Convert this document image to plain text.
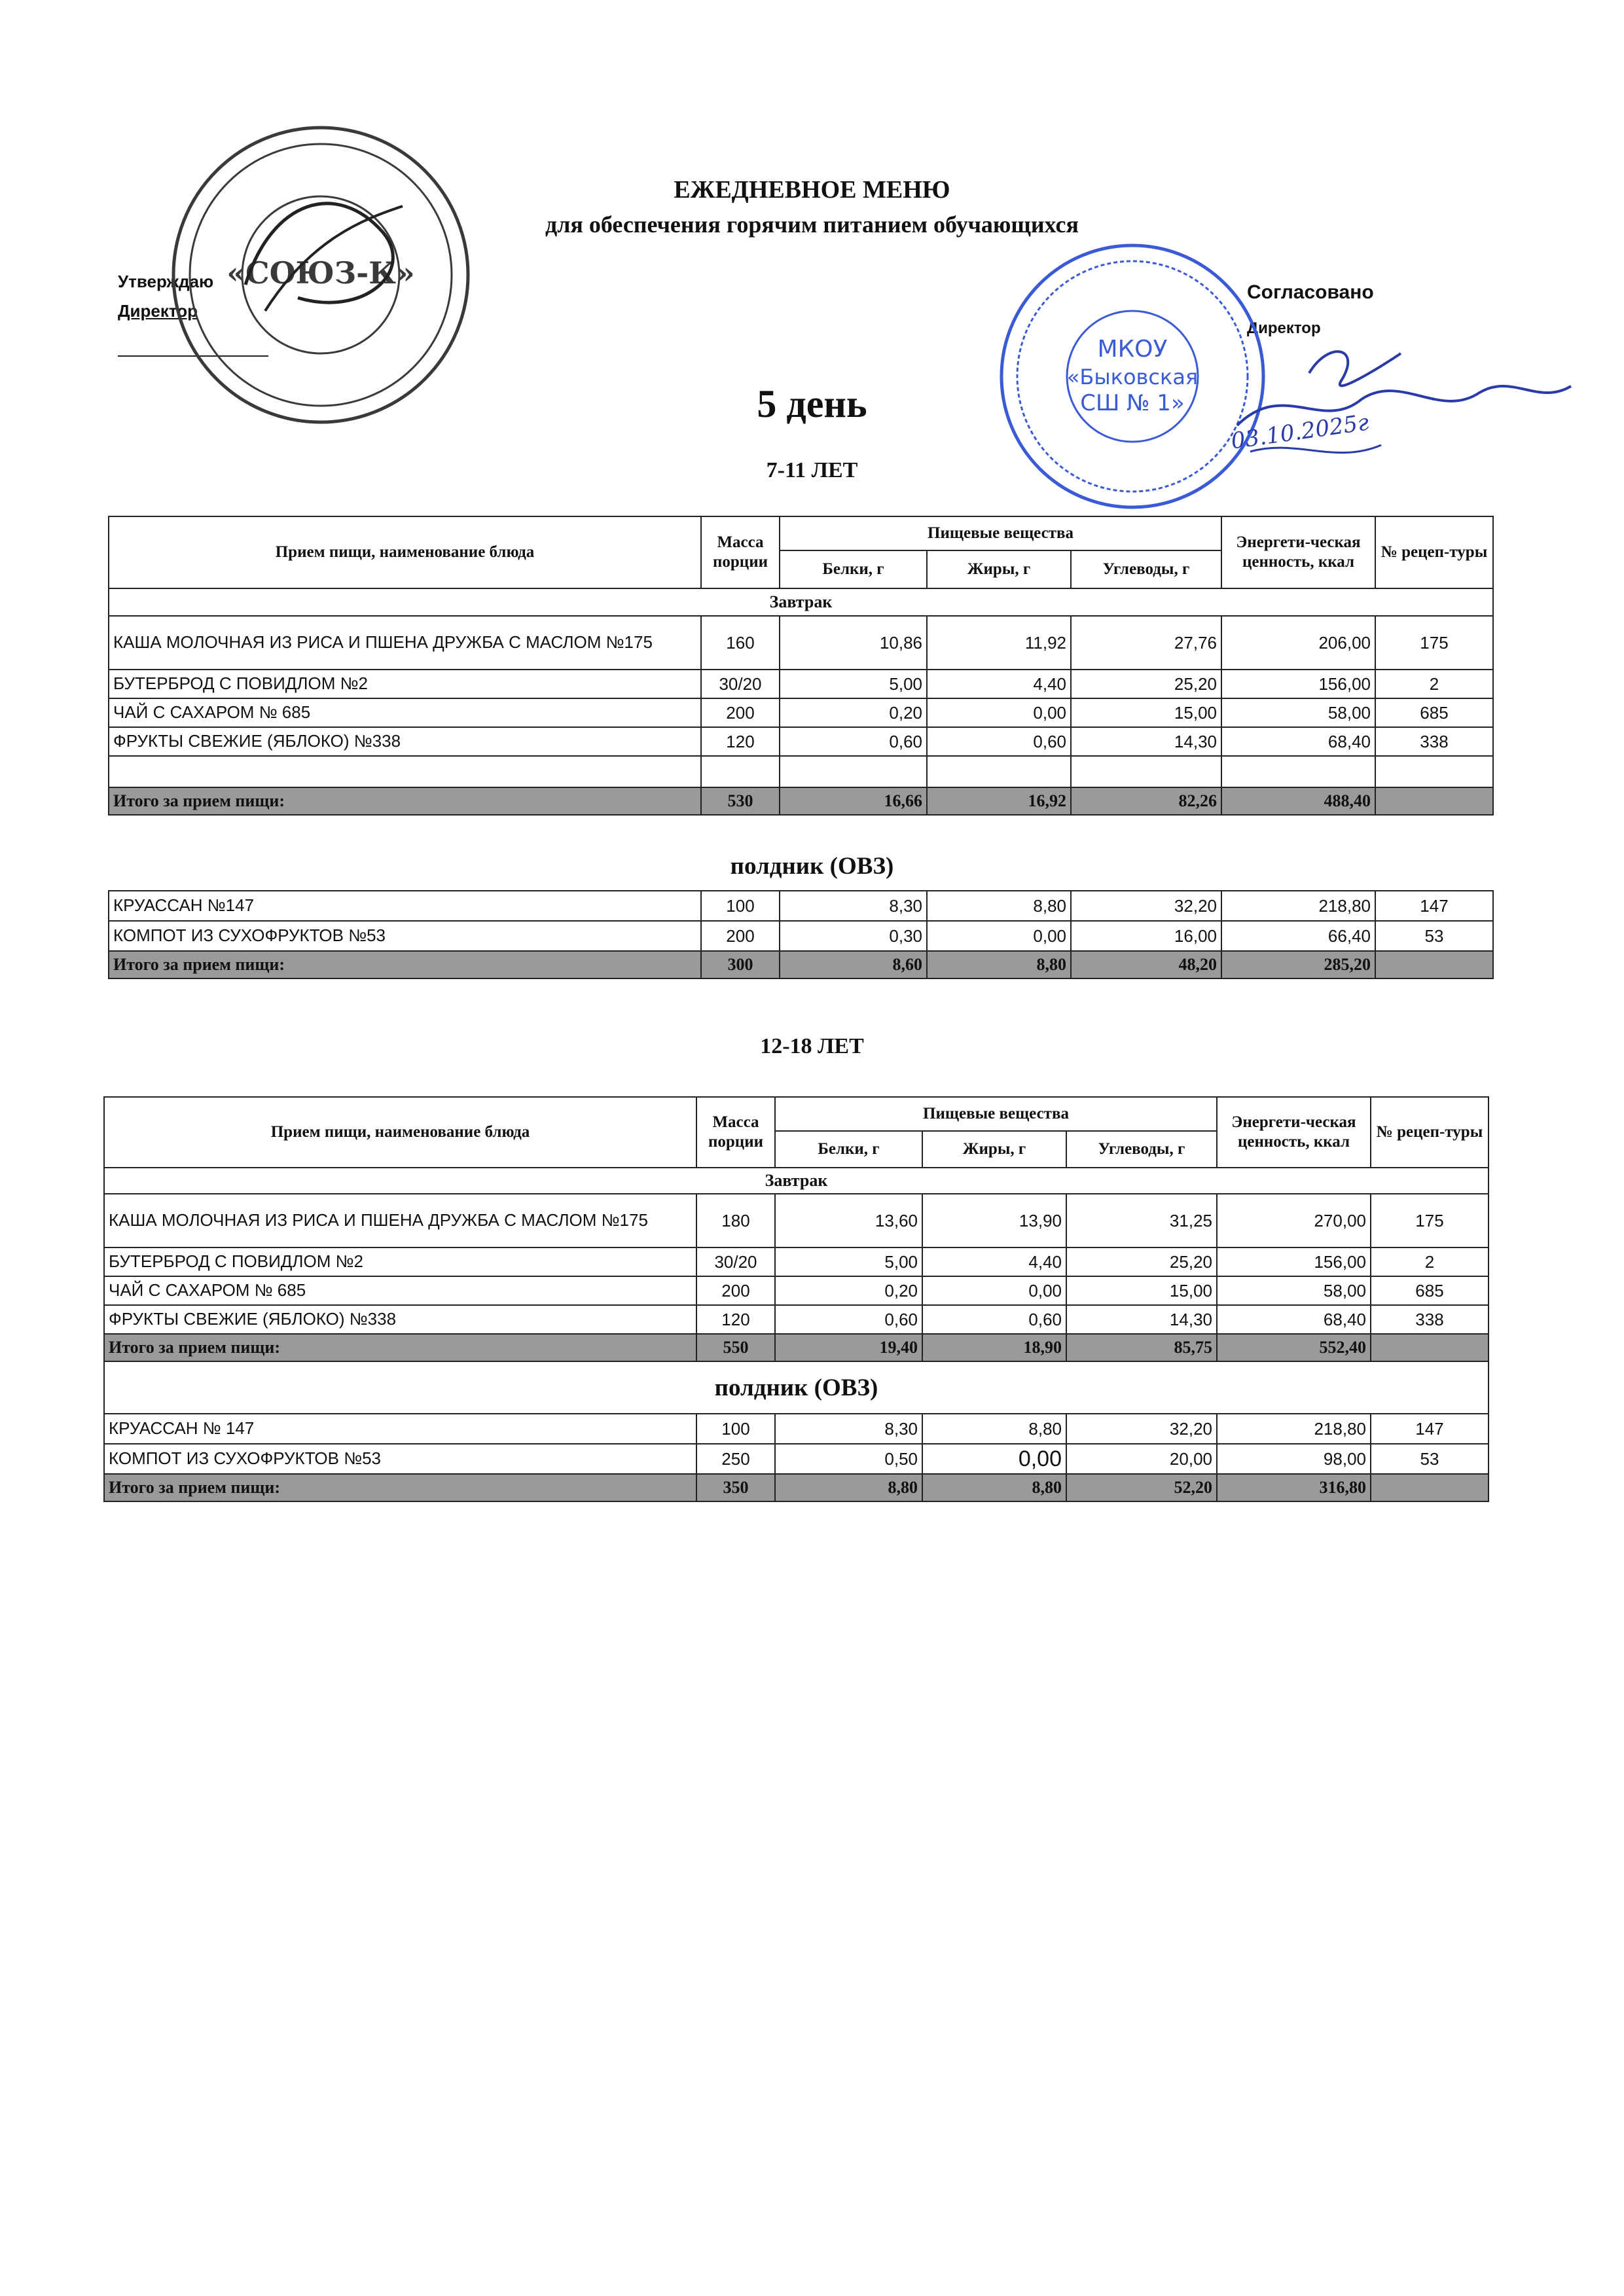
ЕЖЕДНЕВНОЕ МЕНЮ
для обеспечения горячим питанием обучающихся
Утверждаю
Директор
«СОЮЗ-К»
Согласовано
Директор
МКОУ
«Быковская
СШ № 1»
03.10.2025г
5 день
7-11 ЛЕТ
Прием пищи, наименование блюда	Масса порции	Пищевые вещества			Энергети-ческая ценность, ккал	№ рецеп-туры
		Белки, г	Жиры, г	Углеводы, г		
Завтрак						
КАША МОЛОЧНАЯ ИЗ РИСА И ПШЕНА ДРУЖБА С МАСЛОМ №175	160	10,86	11,92	27,76	206,00	175
БУТЕРБРОД С ПОВИДЛОМ №2	30/20	5,00	4,40	25,20	156,00	2
ЧАЙ С САХАРОМ № 685	200	0,20	0,00	15,00	58,00	685
ФРУКТЫ СВЕЖИЕ (ЯБЛОКО) №338	120	0,60	0,60	14,30	68,40	338

Итого за прием пищи:	530	16,66	16,92	82,26	488,40	
полдник (ОВЗ)
КРУАССАН №147	100	8,30	8,80	32,20	218,80	147
КОМПОТ ИЗ СУХОФРУКТОВ №53	200	0,30	0,00	16,00	66,40	53
Итого за прием пищи:	300	8,60	8,80	48,20	285,20	
12-18 ЛЕТ
Прием пищи, наименование блюда	Масса порции	Пищевые вещества			Энергети-ческая ценность, ккал	№ рецеп-туры
		Белки, г	Жиры, г	Углеводы, г		
Завтрак						
КАША МОЛОЧНАЯ ИЗ РИСА И ПШЕНА ДРУЖБА С МАСЛОМ №175	180	13,60	13,90	31,25	270,00	175
БУТЕРБРОД С ПОВИДЛОМ №2	30/20	5,00	4,40	25,20	156,00	2
ЧАЙ С САХАРОМ № 685	200	0,20	0,00	15,00	58,00	685
ФРУКТЫ СВЕЖИЕ (ЯБЛОКО) №338	120	0,60	0,60	14,30	68,40	338
Итого за прием пищи:	550	19,40	18,90	85,75	552,40	
полдник (ОВЗ)						
КРУАССАН № 147	100	8,30	8,80	32,20	218,80	147
КОМПОТ ИЗ СУХОФРУКТОВ №53	250	0,50	0,00	20,00	98,00	53
Итого за прием пищи:	350	8,80	8,80	52,20	316,80	
